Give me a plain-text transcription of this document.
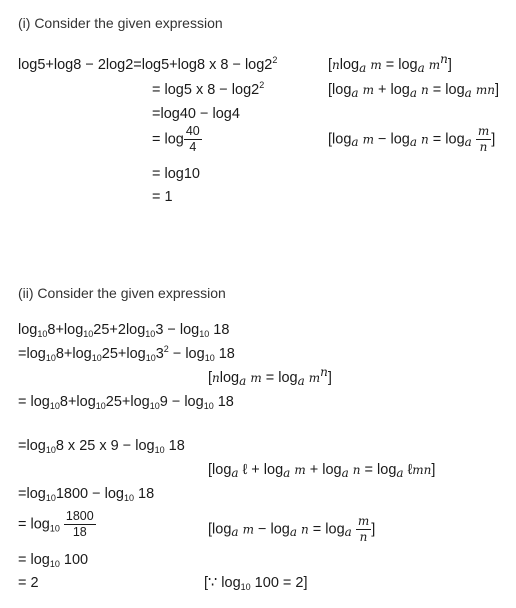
(i) Consider the given expression
log5+log8 − 2log2=log5+log8 x $8 - \log 2^2$	[nlog$_a$ $m = \log_a m^n$]
= log5 x $8 - \log 2^2$	[$\log_a$ $m + \log_a n = \log_a mn$]
=log40 − log4
= $\log \frac{40}{4}$	[$\log_a$ $m - \log_a n = \log_a \frac{m}{n}$ ]
= log10
= 1
(ii) Consider the given expression
$\log_{10}8+\log_{10}25+2\log_{10}3 - \log_{10} 18$
$=\log_{10}8+\log_{10}25+\log_{10}3^2 - \log_{10} 18$
[nlog$_a$ $m = \log_a m^n$]
= $\log_{10}8+\log_{10}25+\log_{10}9 - \log_{10} 18$
$=\log_{10}8$ x 25 x $9 - \log_{10} 18$
[$\log_a$ ℓ + $\log_a m + \log_a n = \log_a$ ℓmn]
$=\log_{10}1800 - \log_{10} 18$
= $\log_{10} \frac{1800}{18}$	[$\log_a$ $m - \log_a n = \log_a \frac{m}{n}$ ]
= $\log_{10} 100$
= 2	[∵ $\log_{10} 100 = 2$]
